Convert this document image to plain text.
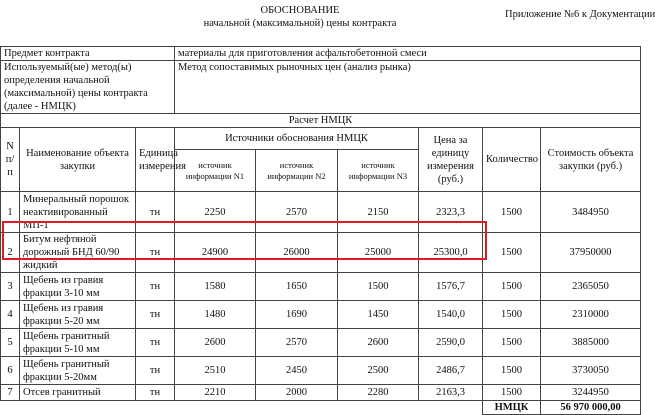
ОБОСНОВАНИЕ
начальной (максимальной) цены контракта
Приложение №6 к Документации
Предмет контракта			материалы для приготовления асфальтобетонной смеси					
Используемый(ые) метод(ы) определения начальной (максимальной) цены контракта (далее - НМЦК)			Метод сопоставимых рыночных цен (анализ рынка)					
Расчет НМЦК								
N п/п	Наименование объекта закупки	Единица измерения	Источники обоснования НМЦК			Цена за единицу измерения (руб.)	Количество	Стоимость объекта закупки (руб.)
			источник информации N1	источник информации N2	источник информации N3			
1	Минеральный порошок неактивированный МП-1	тн	2250	2570	2150	2323,3	1500	3484950
2	Битум нефтяной дорожный БНД 60/90 жидкий	тн	24900	26000	25000	25300,0	1500	37950000
3	Щебень из гравия фракции 3-10 мм	тн	1580	1650	1500	1576,7	1500	2365050
4	Щебень из гравия фракции 5-20 мм	тн	1480	1690	1450	1540,0	1500	2310000
5	Щебень гранитный фракции 5-10 мм	тн	2600	2570	2600	2590,0	1500	3885000
6	Щебень гранитный фракции 5-20мм	тн	2510	2450	2500	2486,7	1500	3730050
7	Отсев гранитный	тн	2210	2000	2280	2163,3	1500	3244950
							НМЦК	56 970 000,00
